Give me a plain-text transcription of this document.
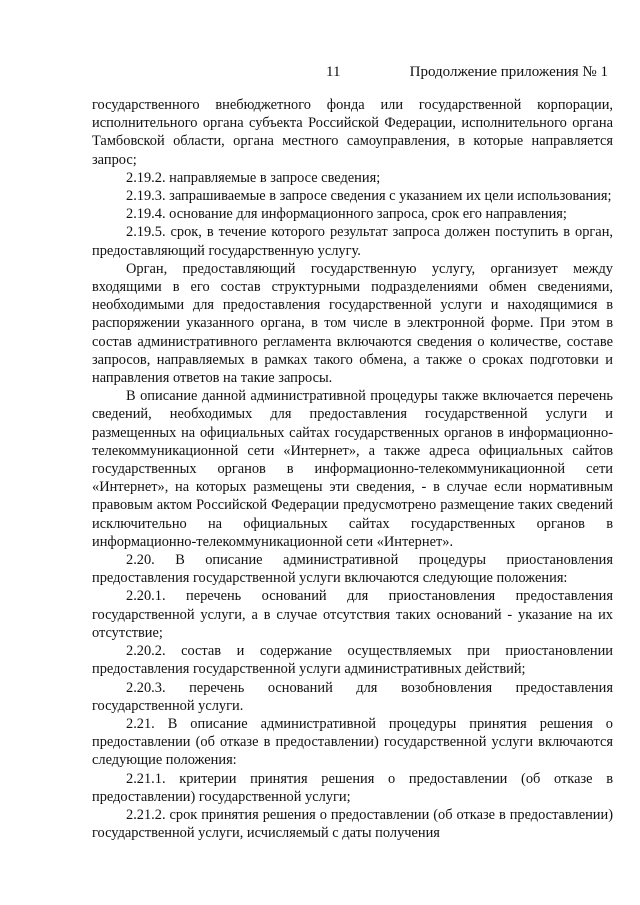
11	Продолжение приложения № 1

государственного внебюджетного фонда или государственной корпорации, исполнительного органа субъекта Российской Федерации, исполнительного органа Тамбовской области, органа местного самоуправления, в которые направляется запрос;

2.19.2. направляемые в запросе сведения;

2.19.3. запрашиваемые в запросе сведения с указанием их цели использования;

2.19.4. основание для информационного запроса, срок его направления;

2.19.5. срок, в течение которого результат запроса должен поступить в орган, предоставляющий государственную услугу.

Орган, предоставляющий государственную услугу, организует между входящими в его состав структурными подразделениями обмен сведениями, необходимыми для предоставления государственной услуги и находящимися в распоряжении указанного органа, в том числе в электронной форме. При этом в состав административного регламента включаются сведения о количестве, составе запросов, направляемых в рамках такого обмена, а также о сроках подготовки и направления ответов на такие запросы.

В описание данной административной процедуры также включается перечень сведений, необходимых для предоставления государственной услуги и размещенных на официальных сайтах государственных органов в информационно-телекоммуникационной сети «Интернет», а также адреса официальных сайтов государственных органов в информационно-телекоммуникационной сети «Интернет», на которых размещены эти сведения, - в случае если нормативным правовым актом Российской Федерации предусмотрено размещение таких сведений исключительно на официальных сайтах государственных органов в информационно-телекоммуникационной сети «Интернет».

2.20. В описание административной процедуры приостановления предоставления государственной услуги включаются следующие положения:

2.20.1. перечень оснований для приостановления предоставления государственной услуги, а в случае отсутствия таких оснований - указание на их отсутствие;

2.20.2. состав и содержание осуществляемых при приостановлении предоставления государственной услуги административных действий;

2.20.3. перечень оснований для возобновления предоставления государственной услуги.

2.21. В описание административной процедуры принятия решения о предоставлении (об отказе в предоставлении) государственной услуги включаются следующие положения:

2.21.1. критерии принятия решения о предоставлении (об отказе в предоставлении) государственной услуги;

2.21.2. срок принятия решения о предоставлении (об отказе в предоставлении) государственной услуги, исчисляемый с даты получения
